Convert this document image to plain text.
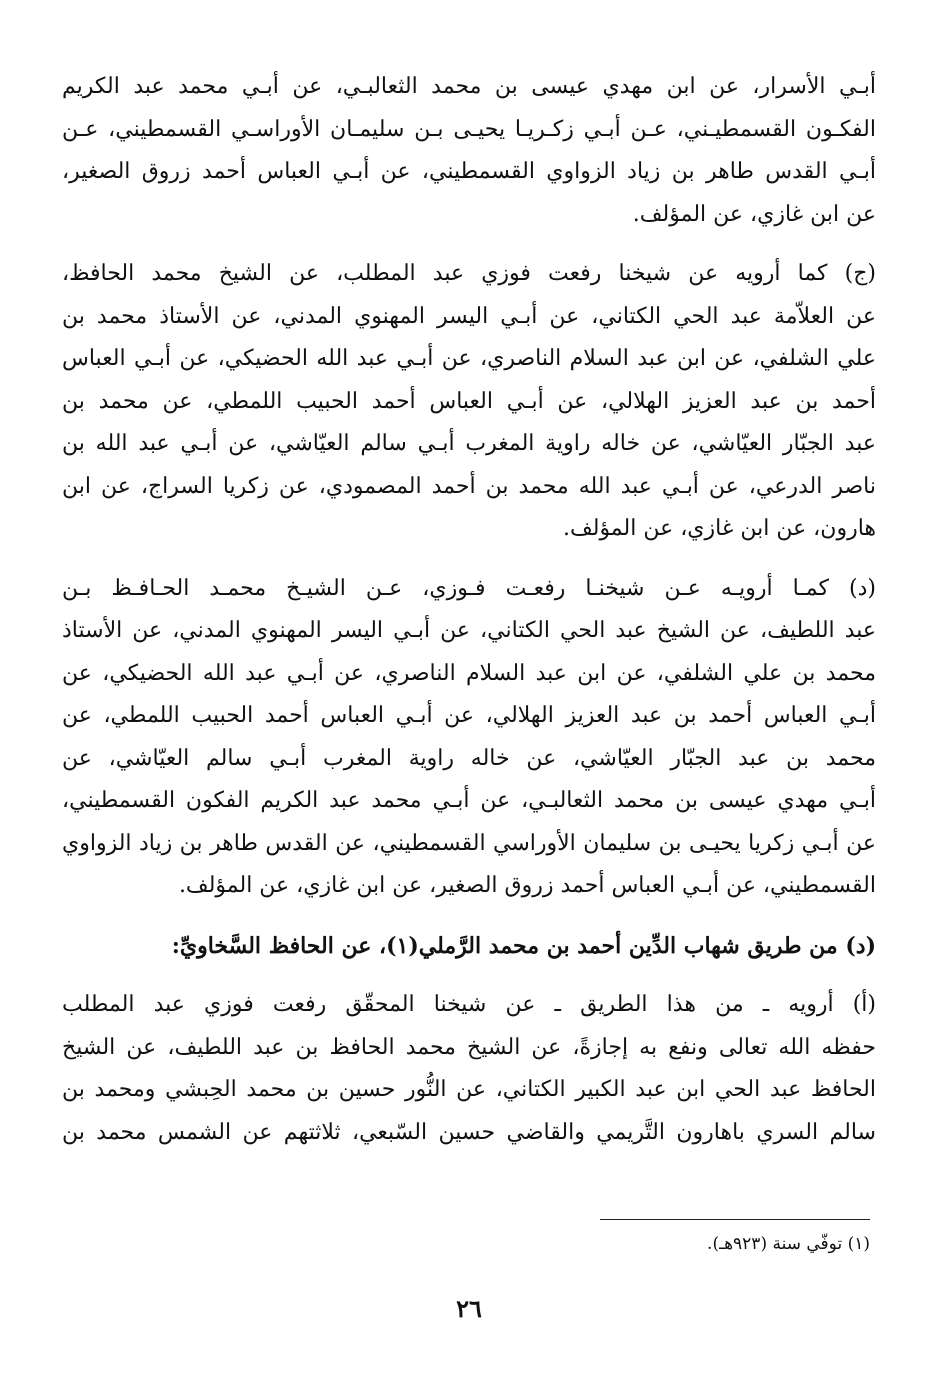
أبـي الأسرار، عن ابن مهدي عيسى بن محمد الثعالبـي، عن أبـي محمد عبد الكريم
الفكـون القسمطيـني، عـن أبـي زكـريـا يحيـى بـن سليمـان الأوراسـي القسمطيني، عـن
أبـي القدس طاهر بن زياد الزواوي القسمطيني، عن أبـي العباس أحمد زروق الصغير،
عن ابن غازي، عن المؤلف.

(ج) كما أرويه عن شيخنا رفعت فوزي عبد المطلب، عن الشيخ محمد الحافظ،
عن العلاّمة عبد الحي الكتاني، عن أبـي اليسر المهنوي المدني، عن الأستاذ محمد بن
علي الشلفي، عن ابن عبد السلام الناصري، عن أبـي عبد الله الحضيكي، عن أبـي العباس
أحمد بن عبد العزيز الهلالي، عن أبـي العباس أحمد الحبيب اللمطي، عن محمد بن
عبد الجبّار العيّاشي، عن خاله راوية المغرب أبـي سالم العيّاشي، عن أبـي عبد الله بن
ناصر الدرعي، عن أبـي عبد الله محمد بن أحمد المصمودي، عن زكريا السراج، عن ابن
هارون، عن ابن غازي، عن المؤلف.

(د) كمـا أرويـه عـن شيخنـا رفعـت فـوزي، عـن الشيـخ محمـد الحـافـظ بـن
عبد اللطيف، عن الشيخ عبد الحي الكتاني، عن أبـي اليسر المهنوي المدني، عن الأستاذ
محمد بن علي الشلفي، عن ابن عبد السلام الناصري، عن أبـي عبد الله الحضيكي، عن
أبـي العباس أحمد بن عبد العزيز الهلالي، عن أبـي العباس أحمد الحبيب اللمطي، عن
محمد بن عبد الجبّار العيّاشي، عن خاله راوية المغرب أبـي سالم العيّاشي، عن
أبـي مهدي عيسى بن محمد الثعالبـي، عن أبـي محمد عبد الكريم الفكون القسمطيني،
عن أبـي زكريا يحيـى بن سليمان الأوراسي القسمطيني، عن القدس طاهر بن زياد الزواوي
القسمطيني، عن أبـي العباس أحمد زروق الصغير، عن ابن غازي، عن المؤلف.

(د) من طريق شهاب الدِّين أحمد بن محمد الرَّملي(١)، عن الحافظ السَّخاويِّ:

(أ) أرويه ـ من هذا الطريق ـ عن شيخنا المحقّق رفعت فوزي عبد المطلب
حفظه الله تعالى ونفع به إجازةً، عن الشيخ محمد الحافظ بن عبد اللطيف، عن الشيخ
الحافظ عبد الحي ابن عبد الكبير الكتاني، عن النُّور حسين بن محمد الحِبشي ومحمد بن
سالم السري باهارون التَّريمي والقاضي حسين السّبعي، ثلاثتهم عن الشمس محمد بن

(١) توفّي سنة (٩٢٣هـ).
٢٦
